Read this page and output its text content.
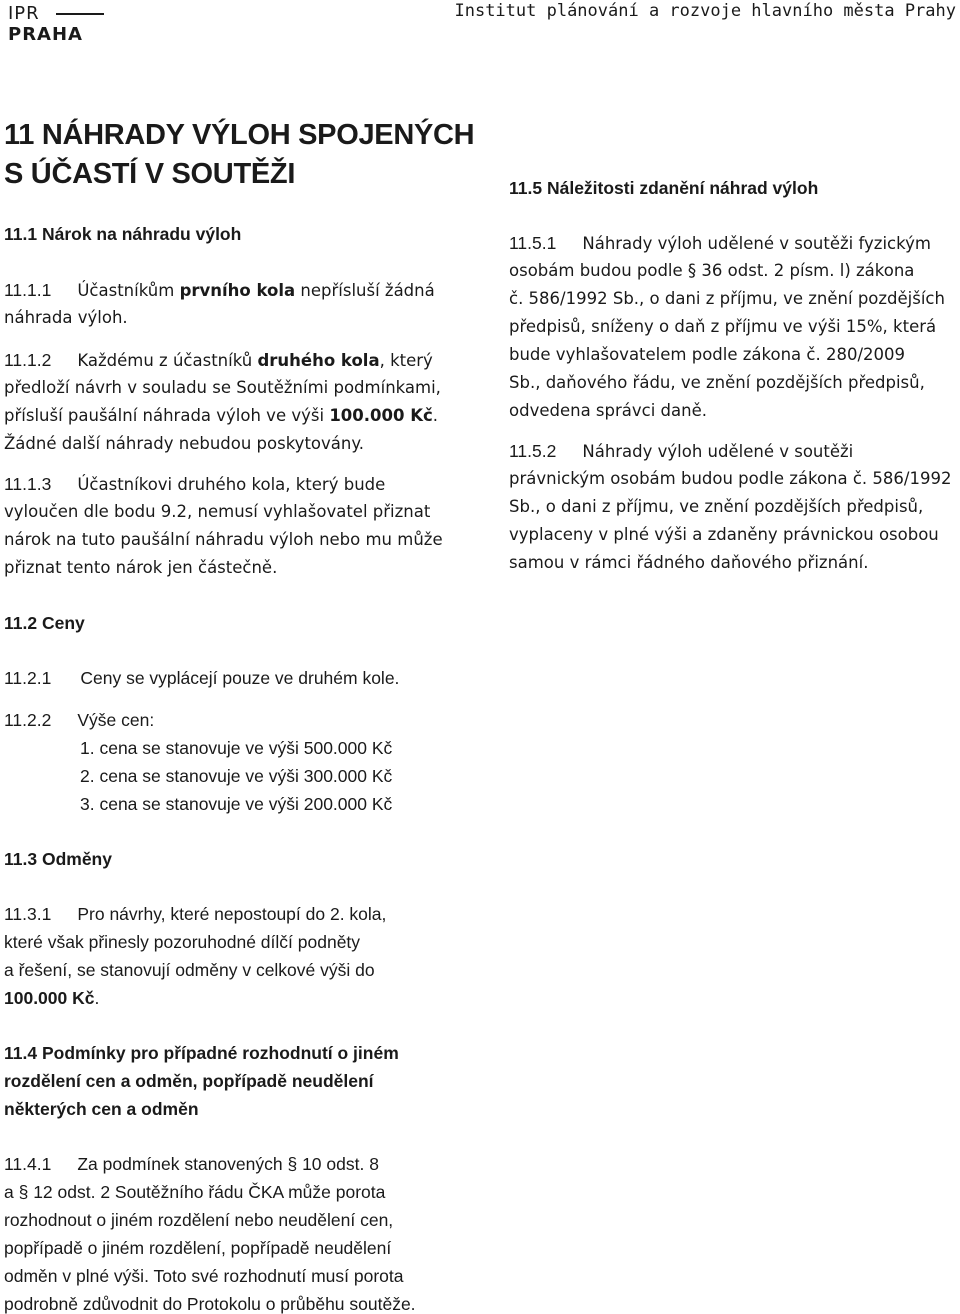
IPR
PRAHA
Institut plánování a rozvoje hlavního města Prahy
11 NÁHRADY VÝLOH SPOJENÝCH
S ÚČASTÍ V SOUTĚŽI
11.1 Nárok na náhradu výloh
11.1.1 Účastníkům prvního kola nepřísluší žádná
náhrada výloh.
11.1.2 Každému z účastníků druhého kola, který
předloží návrh v souladu se Soutěžními podmínkami,
přísluší paušální náhrada výloh ve výši 100.000 Kč.
Žádné další náhrady nebudou poskytovány.
11.1.3 Účastníkovi druhého kola, který bude
vyloučen dle bodu 9.2, nemusí vyhlašovatel přiznat
nárok na tuto paušální náhradu výloh nebo mu může
přiznat tento nárok jen částečně.
11.2 Ceny
11.2.1 Ceny se vyplácejí pouze ve druhém kole.
11.2.2 Výše cen:
1. cena se stanovuje ve výši 500.000 Kč
2. cena se stanovuje ve výši 300.000 Kč
3. cena se stanovuje ve výši 200.000 Kč
11.3 Odměny
11.3.1 Pro návrhy, které nepostoupí do 2. kola,
které však přinesly pozoruhodné dílčí podněty
a řešení, se stanovují odměny v celkové výši do
100.000 Kč.
11.4 Podmínky pro případné rozhodnutí o jiném
rozdělení cen a odměn, popřípadě neudělení
některých cen a odměn
11.4.1 Za podmínek stanovených § 10 odst. 8
a § 12 odst. 2 Soutěžního řádu ČKA může porota
rozhodnout o jiném rozdělení nebo neudělení cen,
popřípadě o jiném rozdělení, popřípadě neudělení
odměn v plné výši. Toto své rozhodnutí musí porota
podrobně zdůvodnit do Protokolu o průběhu soutěže.
11.5 Náležitosti zdanění náhrad výloh
11.5.1 Náhrady výloh udělené v soutěži fyzickým
osobám budou podle § 36 odst. 2 písm. l) zákona
č. 586/1992 Sb., o dani z příjmu, ve znění pozdějších
předpisů, sníženy o daň z příjmu ve výši 15%, která
bude vyhlašovatelem podle zákona č. 280/2009
Sb., daňového řádu, ve znění pozdějších předpisů,
odvedena správci daně.
11.5.2 Náhrady výloh udělené v soutěži
právnickým osobám budou podle zákona č. 586/1992
Sb., o dani z příjmu, ve znění pozdějších předpisů,
vyplaceny v plné výši a zdaněny právnickou osobou
samou v rámci řádného daňového přiznání.
